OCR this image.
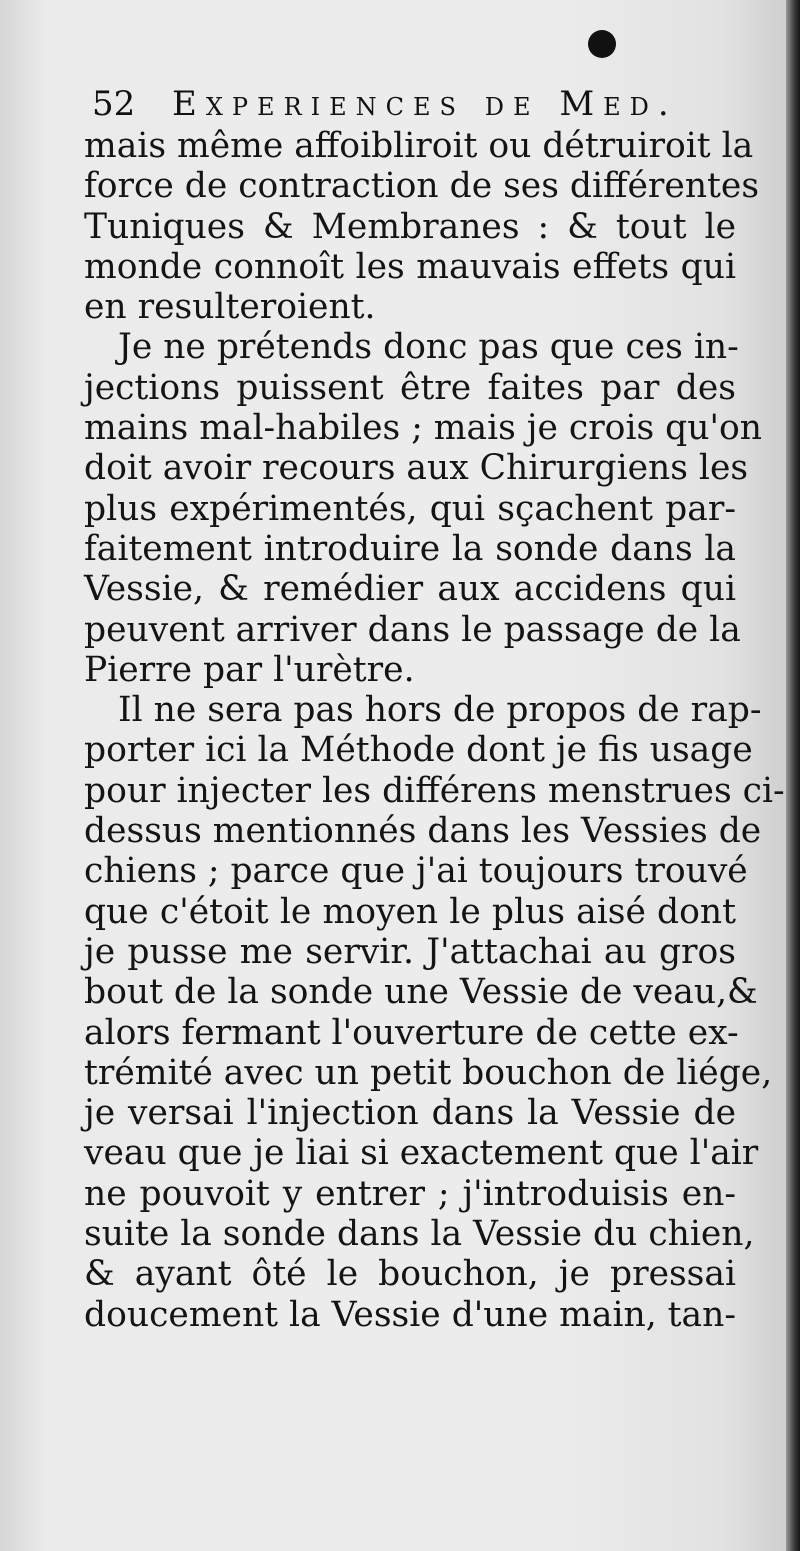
52 Experiences de Med.
mais même affoibliroit ou détruiroit la
force de contraction de ses différentes
Tuniques & Membranes : & tout le
monde connoît les mauvais effets qui
en resulteroient.
Je ne prétends donc pas que ces in-
jections puissent être faites par des
mains mal-habiles ; mais je crois qu'on
doit avoir recours aux Chirurgiens les
plus expérimentés, qui sçachent par-
faitement introduire la sonde dans la
Vessie, & remédier aux accidens qui
peuvent arriver dans le passage de la
Pierre par l'urètre.
Il ne sera pas hors de propos de rap-
porter ici la Méthode dont je fis usage
pour injecter les différens menstrues ci-
dessus mentionnés dans les Vessies de
chiens ; parce que j'ai toujours trouvé
que c'étoit le moyen le plus aisé dont
je pusse me servir. J'attachai au gros
bout de la sonde une Vessie de veau,&
alors fermant l'ouverture de cette ex-
trémité avec un petit bouchon de liége,
je versai l'injection dans la Vessie de
veau que je liai si exactement que l'air
ne pouvoit y entrer ; j'introduisis en-
suite la sonde dans la Vessie du chien,
& ayant ôté le bouchon, je pressai
doucement la Vessie d'une main, tan-
